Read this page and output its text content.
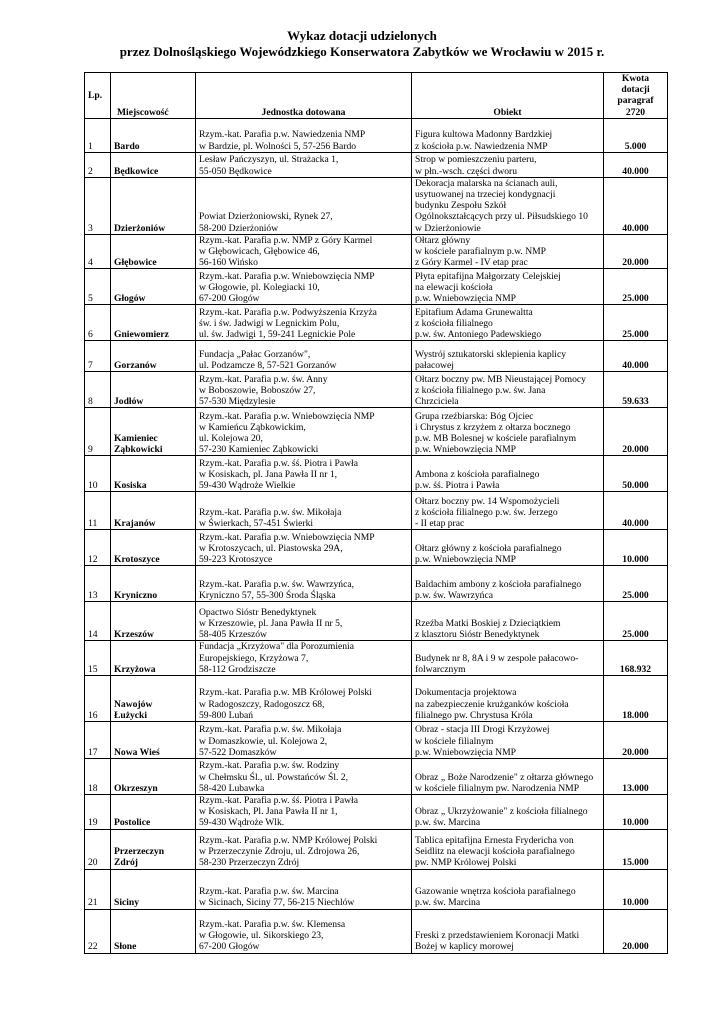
Wykaz dotacji udzielonych
przez Dolnośląskiego Wojewódzkiego Konserwatora Zabytków we Wrocławiu w 2015 r.
Lp.	Miejscowość	Jednostka dotowana	Obiekt	Kwota
dotacji
paragraf 2720
1	Bardo	Rzym.-kat. Parafia p.w. Nawiedzenia NMP
w Bardzie, pl. Wolności 5, 57-256 Bardo	Figura kultowa Madonny Bardzkiej
z kościoła p.w. Nawiedzenia NMP	5.000
2	Będkowice	Lesław Pańczyszyn, ul. Strażacka 1,
55-050 Będkowice	Strop w pomieszczeniu parteru,
w płn.-wsch. części dworu	40.000
3	Dzierżoniów	Powiat Dzierżoniowski, Rynek 27,
58-200 Dzierżoniów	Dekoracja malarska na ścianach auli,
usytuowanej na trzeciej kondygnacji
budynku Zespołu Szkół
Ogólnokształcących przy ul. Piłsudskiego 10
w Dzierżoniowie	40.000
4	Głębowice	Rzym.-kat. Parafia p.w. NMP z Góry Karmel
w Głębowicach, Głębowice 46,
56-160 Wińsko	Ołtarz główny
w kościele parafialnym p.w. NMP
z Góry Karmel - IV etap prac	20.000
5	Głogów	Rzym.-kat. Parafia p.w. Wniebowzięcia NMP
w Głogowie, pl. Kolegiacki 10,
67-200 Głogów	Płyta epitafijna Małgorzaty Celejskiej
na elewacji kościoła
p.w. Wniebowzięcia NMP	25.000
6	Gniewomierz	Rzym.-kat. Parafia p.w. Podwyższenia Krzyża
św. i św. Jadwigi w Legnickim Polu,
ul. św. Jadwigi 1, 59-241 Legnickie Pole	Epitafium Adama Grunewaltta
z kościoła filialnego
p.w. św. Antoniego Padewskiego	25.000
7	Gorzanów	Fundacja „Pałac Gorzanów",
ul. Podzamcze 8, 57-521 Gorzanów	Wystrój sztukatorski sklepienia kaplicy
pałacowej	40.000
8	Jodłów	Rzym.-kat. Parafia p.w. św. Anny
w Boboszowie, Boboszów 27,
57-530 Międzylesie	Ołtarz boczny pw. MB Nieustającej Pomocy
z kościoła filialnego p.w. św. Jana
Chrzciciela	59.633
9	Kamieniec
Ząbkowicki	Rzym.-kat. Parafia p.w. Wniebowzięcia NMP
w Kamieńcu Ząbkowickim,
ul. Kolejowa 20,
57-230 Kamieniec Ząbkowicki	Grupa rzeźbiarska: Bóg Ojciec
i Chrystus z krzyżem z ołtarza bocznego
p.w. MB Bolesnej w kościele parafialnym
p.w. Wniebowzięcia NMP	20.000
10	Kosiska	Rzym.-kat. Parafia p.w. śś. Piotra i Pawła
w Kosiskach, pl. Jana Pawła II nr 1,
59-430 Wądroże Wielkie	Ambona z kościoła parafialnego
p.w. śś. Piotra i Pawła	50.000
11	Krajanów	Rzym.-kat. Parafia p.w. św. Mikołaja
w Świerkach, 57-451 Świerki	Ołtarz boczny pw. 14 Wspomożycieli
z kościoła filialnego p.w. św. Jerzego
- II etap prac	40.000
12	Krotoszyce	Rzym.-kat. Parafia p.w. Wniebowzięcia NMP
w Krotoszycach, ul. Piastowska 29A,
59-223 Krotoszyce	Ołtarz główny z kościoła parafialnego
p.w. Wniebowzięcia NMP	10.000
13	Kryniczno	Rzym.-kat. Parafia p.w. św. Wawrzyńca,
Kryniczno 57, 55-300 Środa Śląska	Baldachim ambony z kościoła parafialnego
p.w. św. Wawrzyńca	25.000
14	Krzeszów	Opactwo Sióstr Benedyktynek
w Krzeszowie, pl. Jana Pawła II nr 5,
58-405 Krzeszów	Rzeźba Matki Boskiej z Dzieciątkiem
z klasztoru Sióstr Benedyktynek	25.000
15	Krzyżowa	Fundacja „Krzyżowa" dla Porozumienia
Europejskiego, Krzyżowa 7,
58-112 Grodziszcze	Budynek nr 8, 8A i 9 w zespole pałacowo-
folwarcznym	168.932
16	Nawojów
Łużycki	Rzym.-kat. Parafia p.w. MB Królowej Polski
w Radogoszczy, Radogoszcz 68,
59-800 Lubań	Dokumentacja projektowa
na zabezpieczenie krużganków kościoła
filialnego pw. Chrystusa Króla	18.000
17	Nowa Wieś	Rzym.-kat. Parafia p.w. św. Mikołaja
w Domaszkowie, ul. Kolejowa 2,
57-522 Domaszków	Obraz - stacja III Drogi Krzyżowej
w kościele filialnym
p.w. Wniebowzięcia NMP	20.000
18	Okrzeszyn	Rzym.-kat. Parafia p.w. św. Rodziny
w Chełmsku Śl., ul. Powstańców Śl. 2,
58-420 Lubawka	Obraz „ Boże Narodzenie" z ołtarza głównego
w kościele filialnym pw. Narodzenia NMP	13.000
19	Postolice	Rzym.-kat. Parafia p.w. śś. Piotra i Pawła
w Kosiskach, Pl. Jana Pawła II nr 1,
59-430 Wądroże Wlk.	Obraz „ Ukrzyżowanie" z kościoła filialnego
p.w. św. Marcina	10.000
20	Przerzeczyn
Zdrój	Rzym.-kat. Parafia p.w. NMP Królowej Polski
w Przerzeczynie Zdroju, ul. Zdrojowa 26,
58-230 Przerzeczyn Zdrój	Tablica epitafijna Ernesta Frydericha von
Seidlitz na elewacji kościoła parafialnego
pw. NMP Królowej Polski	15.000
21	Siciny	Rzym.-kat. Parafia p.w. św. Marcina
w Sicinach, Siciny 77, 56-215 Niechlów	Gazowanie wnętrza kościoła parafialnego
p.w. św. Marcina	10.000
22	Słone	Rzym.-kat. Parafia p.w. św. Klemensa
w Głogowie, ul. Sikorskiego 23,
67-200 Głogów	Freski z przedstawieniem Koronacji Matki
Bożej w kaplicy morowej	20.000
